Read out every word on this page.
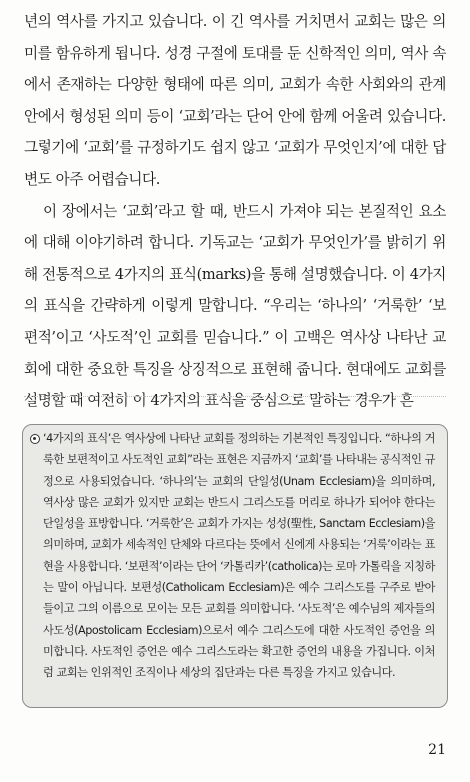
년의 역사를 가지고 있습니다. 이 긴 역사를 거치면서 교회는 많은 의미를 함유하게 됩니다. 성경 구절에 토대를 둔 신학적인 의미, 역사 속에서 존재하는 다양한 형태에 따른 의미, 교회가 속한 사회와의 관계 안에서 형성된 의미 등이 ‘교회’라는 단어 안에 함께 어울려 있습니다. 그렇기에 ‘교회’를 규정하기도 쉽지 않고 ‘교회가 무엇인지’에 대한 답변도 아주 어렵습니다.

이 장에서는 ‘교회’라고 할 때, 반드시 가져야 되는 본질적인 요소에 대해 이야기하려 합니다. 기독교는 ‘교회가 무엇인가’를 밝히기 위해 전통적으로 4가지의 표식(marks)을 통해 설명했습니다. 이 4가지의 표식을 간략하게 이렇게 말합니다. “우리는 ‘하나의’ ‘거룩한’ ‘보편적’이고 ‘사도적’인 교회를 믿습니다.” 이 고백은 역사상 나타난 교회에 대한 중요한 특징을 상징적으로 표현해 줍니다. 현대에도 교회를 설명할 때 여전히 이 4가지의 표식을 중심으로 말하는 경우가 흔

‘4가지의 표식’은 역사상에 나타난 교회를 정의하는 기본적인 특징입니다. “하나의 거룩한 보편적이고 사도적인 교회”라는 표현은 지금까지 ‘교회’를 나타내는 공식적인 규정으로 사용되었습니다. ‘하나의’는 교회의 단일성(Unam Ecclesiam)을 의미하며, 역사상 많은 교회가 있지만 교회는 반드시 그리스도를 머리로 하나가 되어야 한다는 단일성을 표방합니다. ‘거룩한’은 교회가 가지는 성성(聖性, Sanctam Ecclesiam)을 의미하며, 교회가 세속적인 단체와 다르다는 뜻에서 신에게 사용되는 ‘거룩’이라는 표현을 사용합니다. ‘보편적’이라는 단어 ‘카톨리카’(catholica)는 로마 가톨릭을 지칭하는 말이 아닙니다. 보편성(Catholicam Ecclesiam)은 예수 그리스도를 구주로 받아들이고 그의 이름으로 모이는 모든 교회를 의미합니다. ‘사도적’은 예수님의 제자들의 사도성(Apostolicam Ecclesiam)으로서 예수 그리스도에 대한 사도적인 증언을 의미합니다. 사도적인 증언은 예수 그리스도라는 확고한 증언의 내용을 가집니다. 이처럼 교회는 인위적인 조직이나 세상의 집단과는 다른 특징을 가지고 있습니다.

21
